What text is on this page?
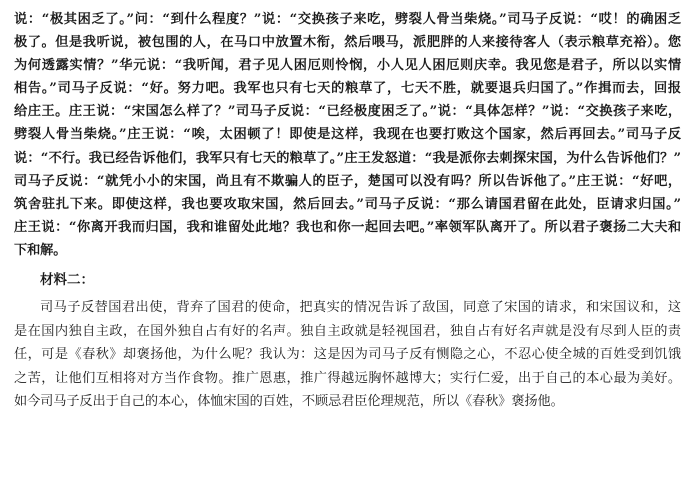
说：“极其困乏了。”问：“到什么程度？”说：“交换孩子来吃，劈裂人骨当柴烧。”司马子反说：“哎！的确困乏
极了。但是我听说，被包围的人，在马口中放置木衔，然后喂马，派肥胖的人来接待客人（表示粮草充裕）。您
为何透露实情？”华元说：“我听闻，君子见人困厄则怜悯，小人见人困厄则庆幸。我见您是君子，所以以实情
相告。”司马子反说：“好。努力吧。我军也只有七天的粮草了，七天不胜，就要退兵归国了。”作揖而去，回报
给庄王。庄王说：“宋国怎么样了？”司马子反说：“已经极度困乏了。”说：“具体怎样？”说：“交换孩子来吃，
劈裂人骨当柴烧。”庄王说：“唉，太困顿了！即使是这样，我现在也要打败这个国家，然后再回去。”司马子反
说：“不行。我已经告诉他们，我军只有七天的粮草了。”庄王发怒道：“我是派你去刺探宋国，为什么告诉他们？”
司马子反说：“就凭小小的宋国，尚且有不欺骗人的臣子，楚国可以没有吗？所以告诉他了。”庄王说：“好吧，
筑舍驻扎下来。即使这样，我也要攻取宋国，然后回去。”司马子反说：“那么请国君留在此处，臣请求归国。”
庄王说：“你离开我而归国，我和谁留处此地？我也和你一起回去吧。”率领军队离开了。所以君子褒扬二大夫和
下和解。
材料二：
司马子反替国君出使，背弃了国君的使命，把真实的情况告诉了敌国，同意了宋国的请求，和宋国议和，这
是在国内独自主政，在国外独自占有好的名声。独自主政就是轻视国君，独自占有好名声就是没有尽到人臣的责
任，可是《春秋》却褒扬他，为什么呢？我认为：这是因为司马子反有恻隐之心，不忍心使全城的百姓受到饥饿
之苦，让他们互相将对方当作食物。推广恩惠，推广得越远胸怀越博大；实行仁爱，出于自己的本心最为美好。
如今司马子反出于自己的本心，体恤宋国的百姓，不顾忌君臣伦理规范，所以《春秋》褒扬他。
